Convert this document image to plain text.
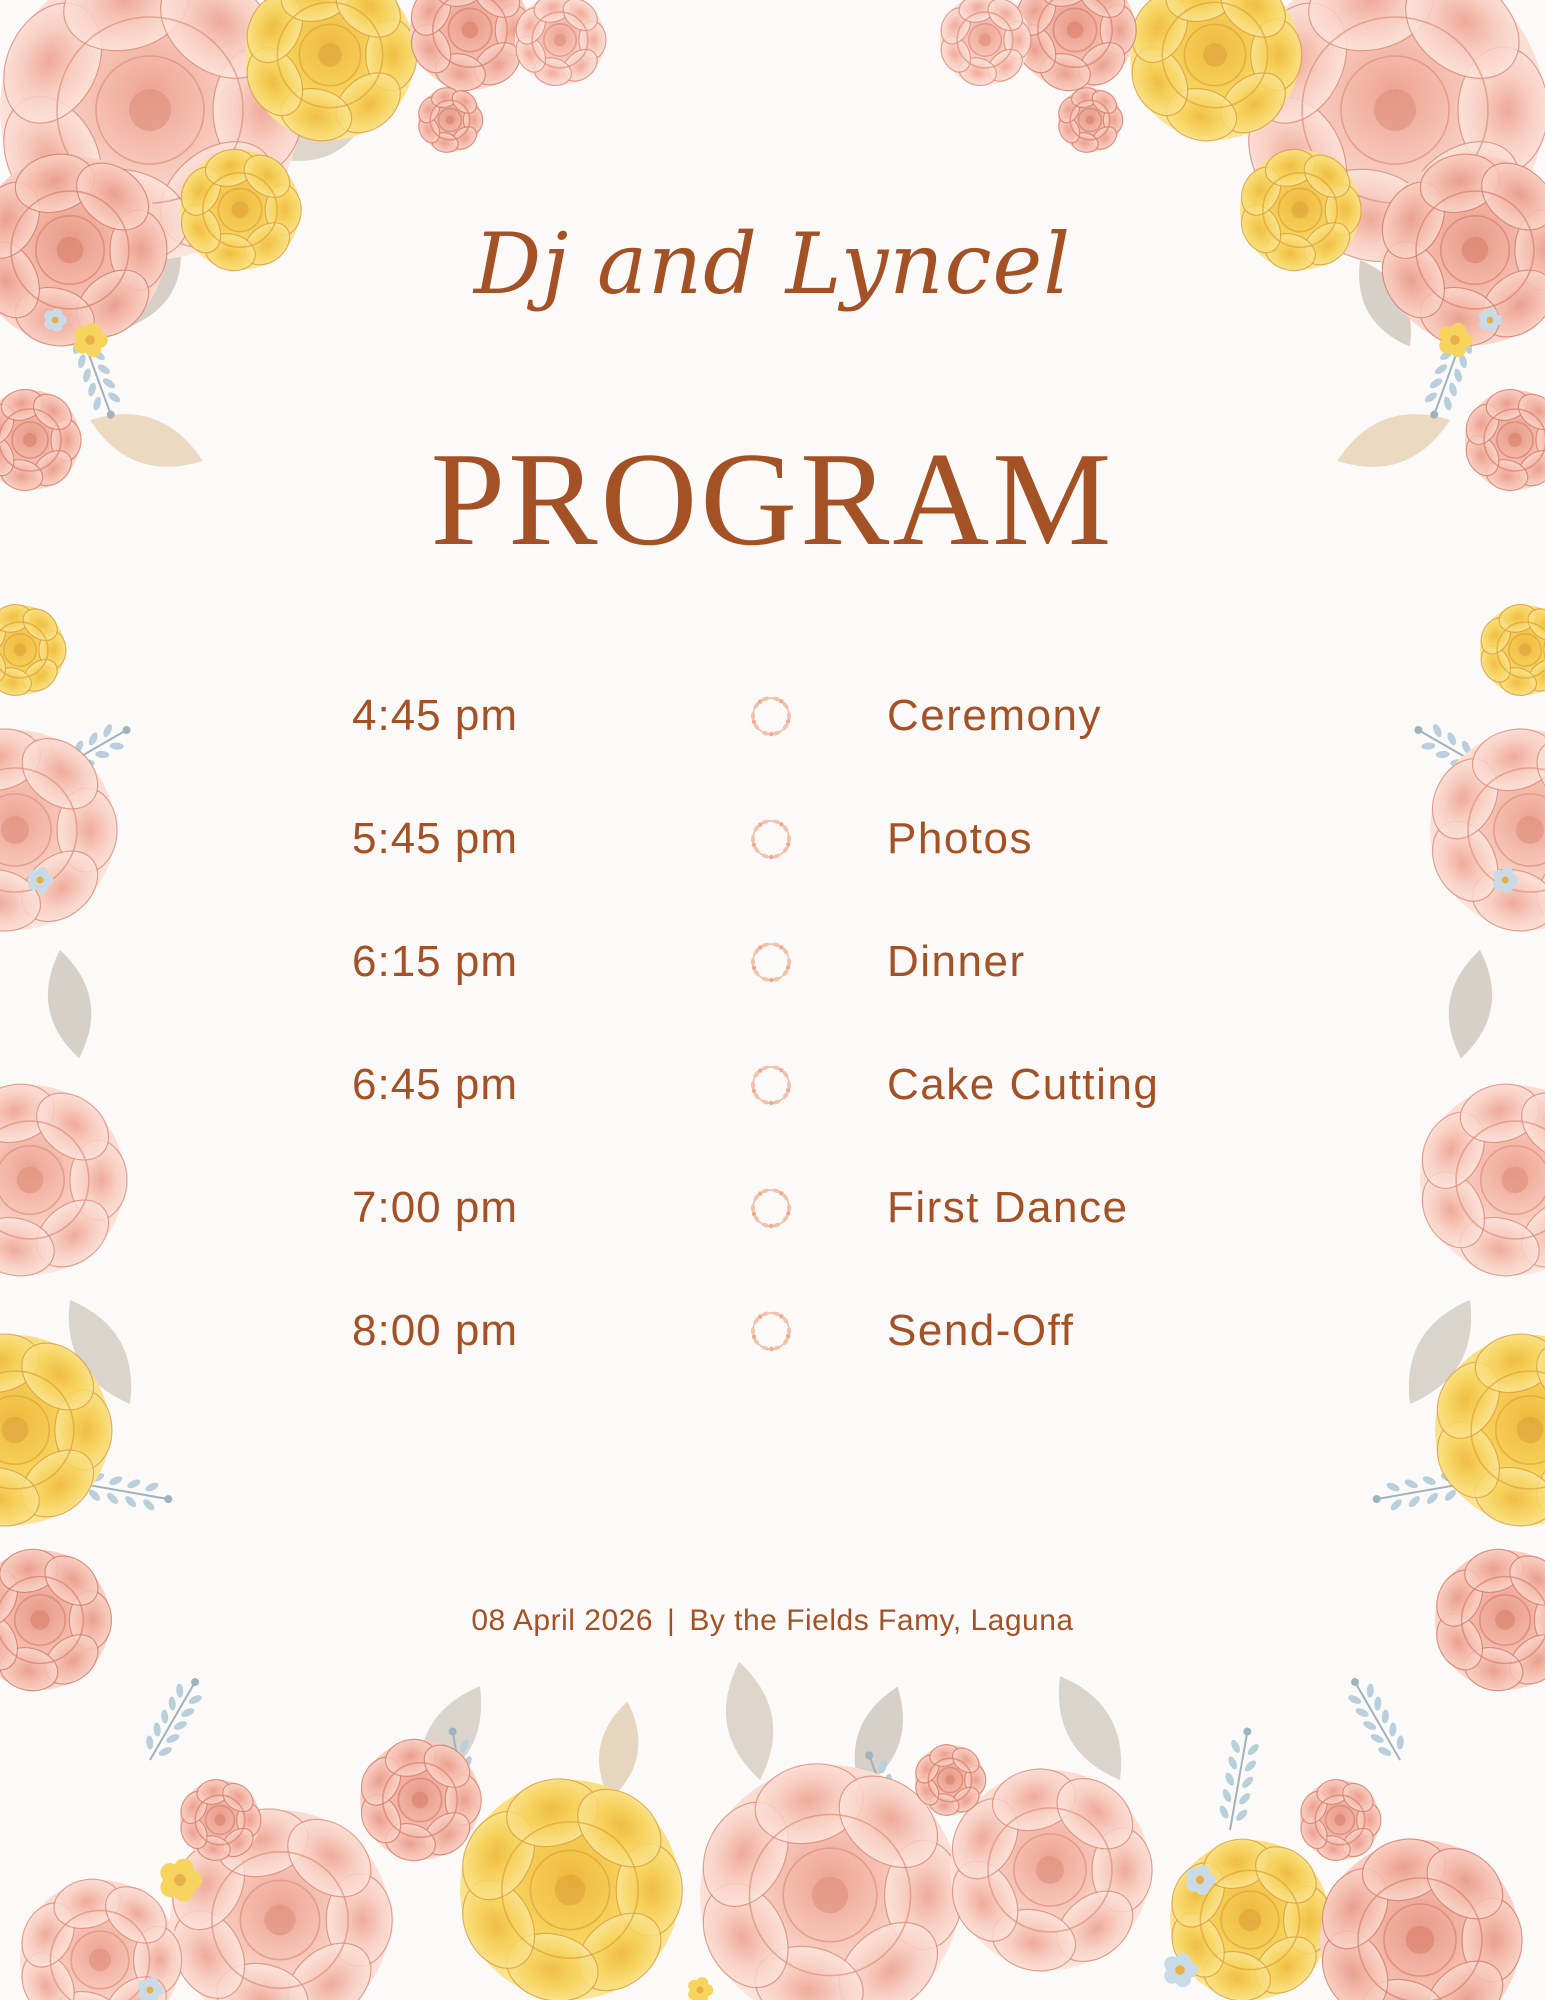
Dj and Lyncel
PROGRAM
4:45 pm	Ceremony
5:45 pm	Photos
6:15 pm	Dinner
6:45 pm	Cake Cutting
7:00 pm	First Dance
8:00 pm	Send-Off
08 April 2026 | By the Fields Famy, Laguna
